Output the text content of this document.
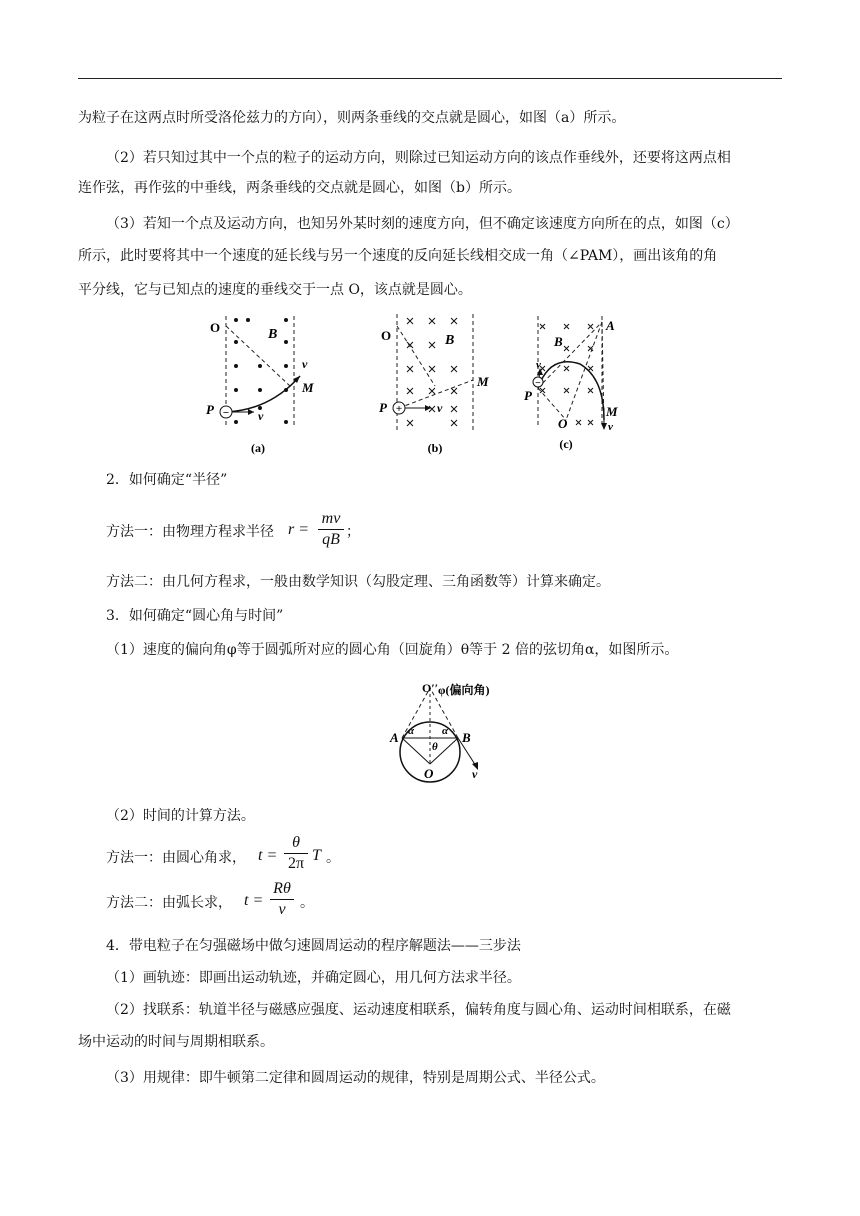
为粒子在这两点时所受洛伦兹力的方向），则两条垂线的交点就是圆心，如图（a）所示。
（2）若只知过其中一个点的粒子的运动方向，则除过已知运动方向的该点作垂线外，还要将这两点相
连作弦，再作弦的中垂线，两条垂线的交点就是圆心，如图（b）所示。
（3）若知一个点及运动方向，也知另外某时刻的速度方向，但不确定该速度方向所在的点，如图（c）
所示，此时要将其中一个速度的延长线与另一个速度的反向延长线相交成一角（∠PAM），画出该角的角
平分线，它与已知点的速度的垂线交于一点 O，该点就是圆心。
−
O	B
P
M
v
v
(a)
+
O	B
P
M
v
(b)
−
A
B
P
M
O
v
v
(c)
2．如何确定“半径”
方法一：由物理方程求半径 r =
mv
qB ；
方法二：由几何方程求，一般由数学知识（勾股定理、三角函数等）计算来确定。
3．如何确定“圆心角与时间”
（1）速度的偏向角φ等于圆弧所对应的圆心角（回旋角）θ等于 2 倍的弦切角α，如图所示。
O′′ φ(偏向角)
A	B
α	α
θ
O	v
（2）时间的计算方法。
方法一：由圆心角求， t =
θ
2π T 。
方法二：由弧长求， t =
Rθ
v	。
4．带电粒子在匀强磁场中做匀速圆周运动的程序解题法——三步法
（1）画轨迹：即画出运动轨迹，并确定圆心，用几何方法求半径。
（2）找联系：轨道半径与磁感应强度、运动速度相联系，偏转角度与圆心角、运动时间相联系，在磁
场中运动的时间与周期相联系。
（3）用规律：即牛顿第二定律和圆周运动的规律，特别是周期公式、半径公式。
